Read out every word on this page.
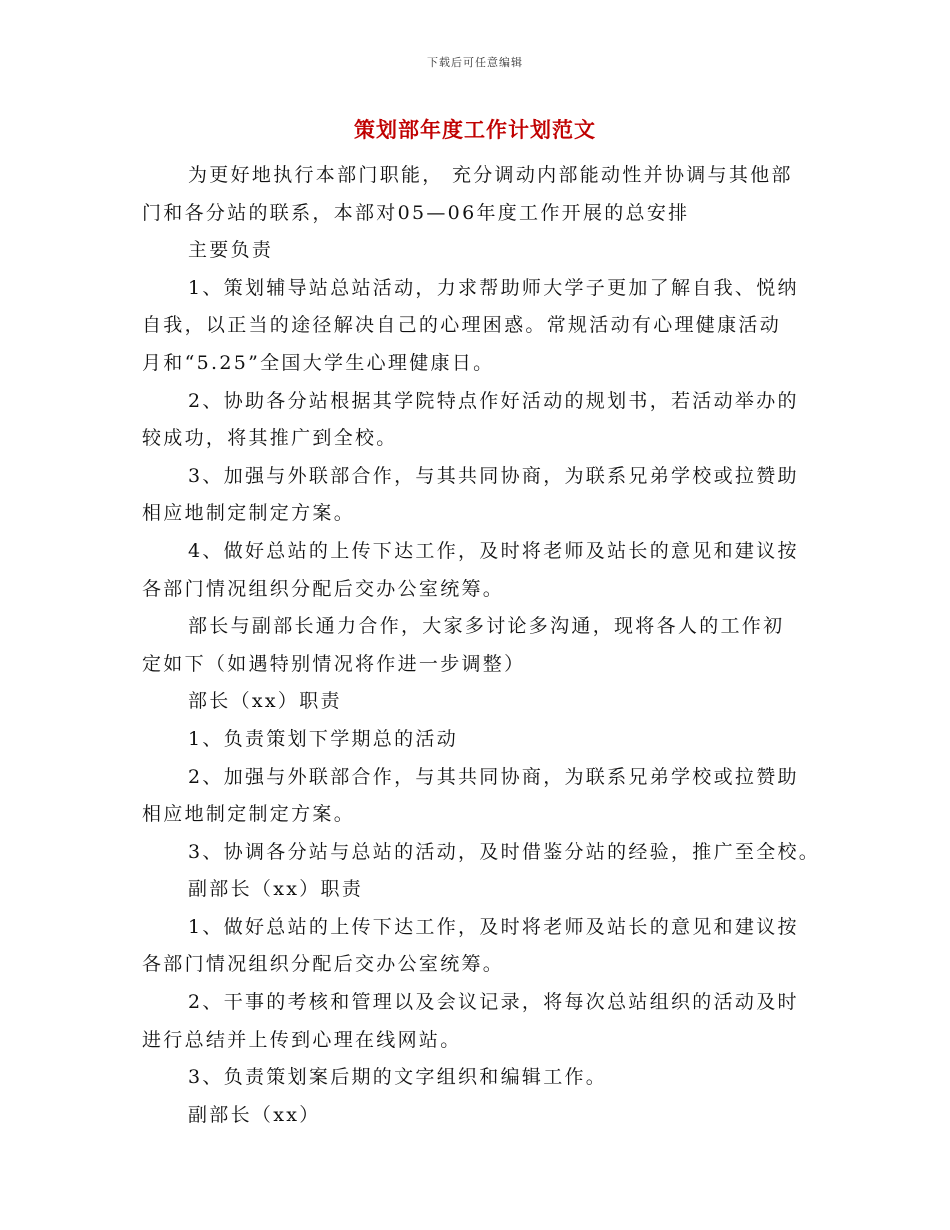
下载后可任意编辑
策划部年度工作计划范文
为更好地执行本部门职能， 充分调动内部能动性并协调与其他部
门和各分站的联系，本部对05—06年度工作开展的总安排
主要负责
1、策划辅导站总站活动，力求帮助师大学子更加了解自我、悦纳
自我，以正当的途径解决自己的心理困惑。常规活动有心理健康活动
月和“5.25”全国大学生心理健康日。
2、协助各分站根据其学院特点作好活动的规划书，若活动举办的
较成功，将其推广到全校。
3、加强与外联部合作，与其共同协商，为联系兄弟学校或拉赞助
相应地制定制定方案。
4、做好总站的上传下达工作，及时将老师及站长的意见和建议按
各部门情况组织分配后交办公室统筹。
部长与副部长通力合作，大家多讨论多沟通，现将各人的工作初
定如下（如遇特别情况将作进一步调整）
部长（xx）职责
1、负责策划下学期总的活动
2、加强与外联部合作，与其共同协商，为联系兄弟学校或拉赞助
相应地制定制定方案。
3、协调各分站与总站的活动，及时借鉴分站的经验，推广至全校。
副部长（xx）职责
1、做好总站的上传下达工作，及时将老师及站长的意见和建议按
各部门情况组织分配后交办公室统筹。
2、干事的考核和管理以及会议记录，将每次总站组织的活动及时
进行总结并上传到心理在线网站。
3、负责策划案后期的文字组织和编辑工作。
副部长（xx）
